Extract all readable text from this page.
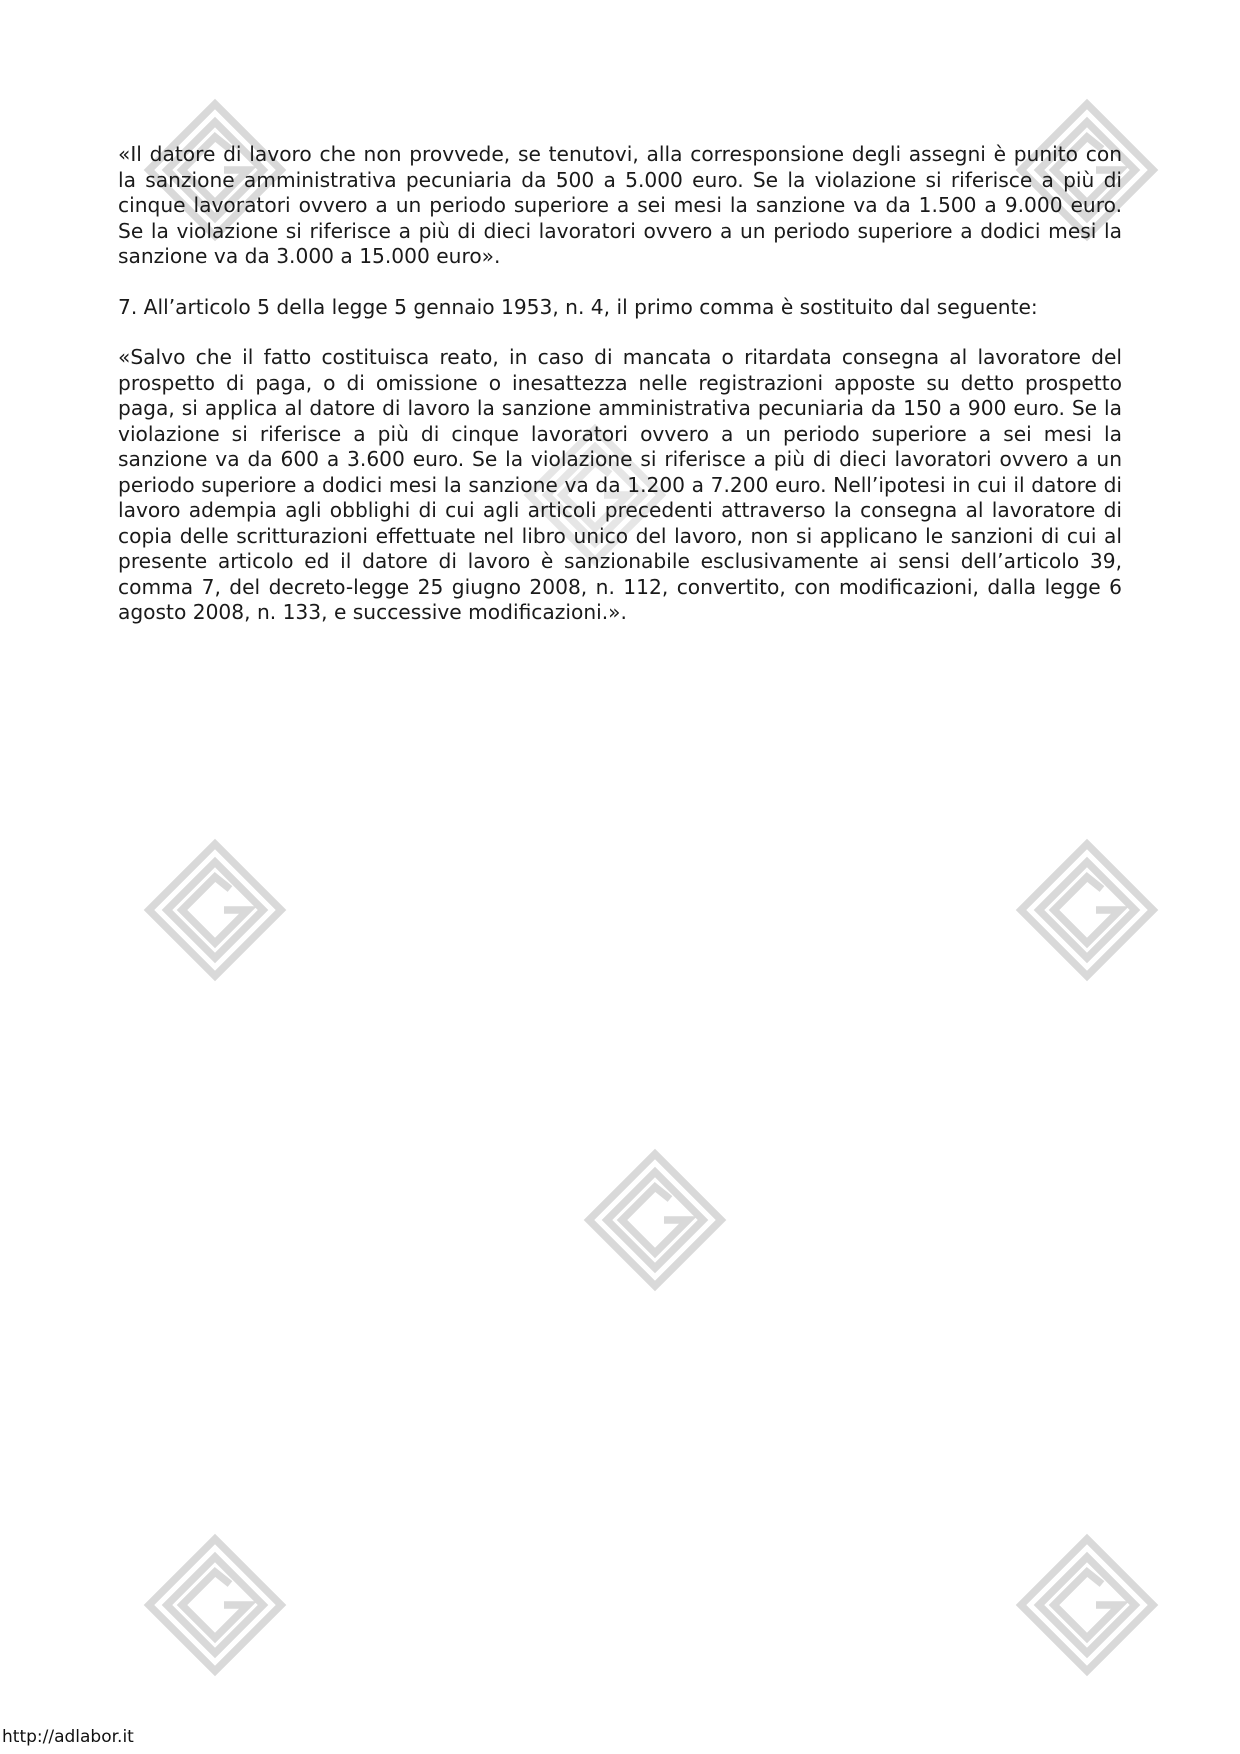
«Il datore di lavoro che non provvede, se tenutovi, alla corresponsione degli assegni è punito con la sanzione amministrativa pecuniaria da 500 a 5.000 euro. Se la violazione si riferisce a più di cinque lavoratori ovvero a un periodo superiore a sei mesi la sanzione va da 1.500 a 9.000 euro. Se la violazione si riferisce a più di dieci lavoratori ovvero a un periodo superiore a dodici mesi la sanzione va da 3.000 a 15.000 euro».

7. All’articolo 5 della legge 5 gennaio 1953, n. 4, il primo comma è sostituito dal seguente:

«Salvo che il fatto costituisca reato, in caso di mancata o ritardata consegna al lavoratore del prospetto di paga, o di omissione o inesattezza nelle registrazioni apposte su detto prospetto paga, si applica al datore di lavoro la sanzione amministrativa pecuniaria da 150 a 900 euro. Se la violazione si riferisce a più di cinque lavoratori ovvero a un periodo superiore a sei mesi la sanzione va da 600 a 3.600 euro. Se la violazione si riferisce a più di dieci lavoratori ovvero a un periodo superiore a dodici mesi la sanzione va da 1.200 a 7.200 euro. Nell’ipotesi in cui il datore di lavoro adempia agli obblighi di cui agli articoli precedenti attraverso la consegna al lavoratore di copia delle scritturazioni effettuate nel libro unico del lavoro, non si applicano le sanzioni di cui al presente articolo ed il datore di lavoro è sanzionabile esclusivamente ai sensi dell’articolo 39, comma 7, del decreto-legge 25 giugno 2008, n. 112, convertito, con modificazioni, dalla legge 6 agosto 2008, n. 133, e successive modificazioni.».

http://adlabor.it
